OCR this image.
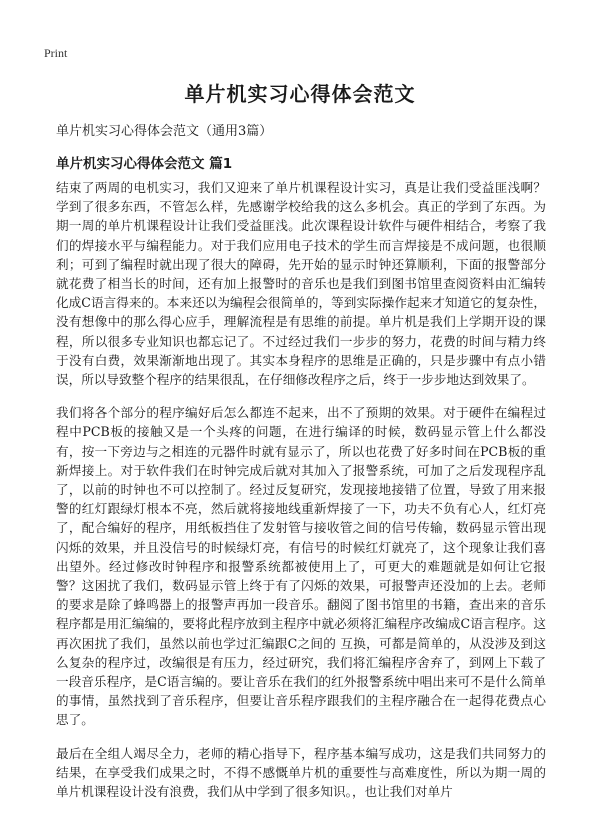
Print
单片机实习心得体会范文

单片机实习心得体会范文（通用3篇）

单片机实习心得体会范文 篇1

结束了两周的电机实习，我们又迎来了单片机课程设计实习，真是让我们受益匪浅啊？学到了很多东西，不管怎么样，先感谢学校给我的这么多机会。真正的学到了东西。为期一周的单片机课程设计让我们受益匪浅。此次课程设计软件与硬件相结合，考察了我们的焊接水平与编程能力。对于我们应用电子技术的学生而言焊接是不成问题，也很顺利；可到了编程时就出现了很大的障碍，先开始的显示时钟还算顺利，下面的报警部分就花费了相当长的时间，还有加上报警时的音乐也是我们到图书馆里查阅资料由汇编转化成C语言得来的。本来还以为编程会很简单的，等到实际操作起来才知道它的复杂性，没有想像中的那么得心应手，理解流程是有思维的前提。单片机是我们上学期开设的课程，所以很多专业知识也都忘记了。不过经过我们一步步的努力，花费的时间与精力终于没有白费，效果渐渐地出现了。其实本身程序的思维是正确的，只是步骤中有点小错误，所以导致整个程序的结果很乱，在仔细修改程序之后，终于一步步地达到效果了。

我们将各个部分的程序编好后怎么都连不起来，出不了预期的效果。对于硬件在编程过程中PCB板的接触又是一个头疼的问题，在进行编译的时候，数码显示管上什么都没有，按一下旁边与之相连的元器件时就有显示了，所以也花费了好多时间在PCB板的重新焊接上。对于软件我们在时钟完成后就对其加入了报警系统，可加了之后发现程序乱了，以前的时钟也不可以控制了。经过反复研究，发现接地接错了位置，导致了用来报警的红灯跟绿灯根本不亮，然后就将接地线重新焊接了一下，功夫不负有心人，红灯亮了，配合编好的程序，用纸板挡住了发射管与接收管之间的信号传输，数码显示管出现闪烁的效果，并且没信号的时候绿灯亮，有信号的时候红灯就亮了，这个现象让我们喜出望外。经过修改时钟程序和报警系统都被使用上了，可更大的难题就是如何让它报警？这困扰了我们，数码显示管上终于有了闪烁的效果，可报警声还没加的上去。老师的要求是除了蜂鸣器上的报警声再加一段音乐。翻阅了图书馆里的书籍，查出来的音乐程序都是用汇编编的，要将此程序放到主程序中就必须将汇编程序改编成C语言程序。这再次困扰了我们，虽然以前也学过汇编跟C之间的 互换，可都是简单的，从没涉及到这么复杂的程序过，改编很是有压力，经过研究，我们将汇编程序舍弃了，到网上下载了一段音乐程序，是C语言编的。要让音乐在我们的红外报警系统中唱出来可不是什么简单的事情，虽然找到了音乐程序，但要让音乐程序跟我们的主程序融合在一起得花费点心思了。

最后在全组人竭尽全力，老师的精心指导下，程序基本编写成功，这是我们共同努力的结果，在享受我们成果之时，不得不感慨单片机的重要性与高难度性，所以为期一周的单片机课程设计没有浪费，我们从中学到了很多知识。，也让我们对单片
